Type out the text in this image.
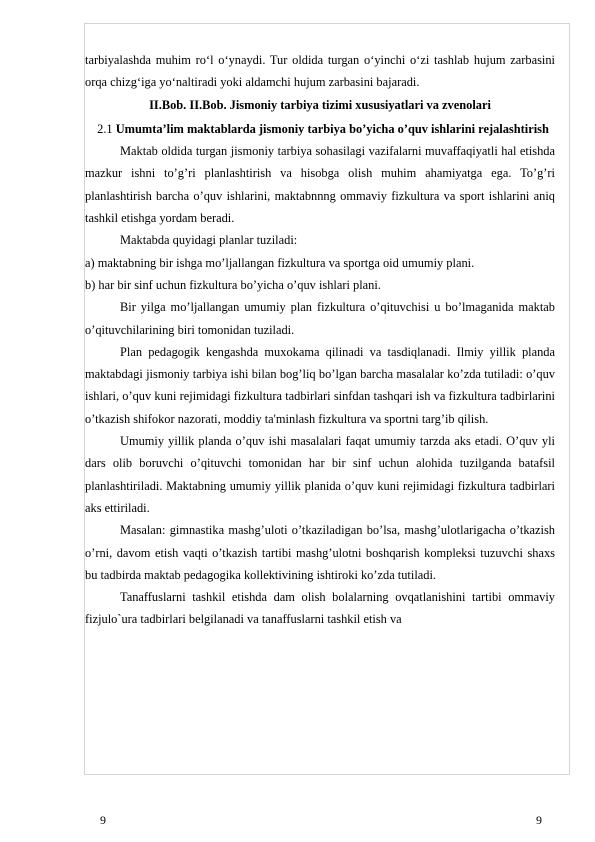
tarbiyalashda muhim ro‘l o‘ynaydi. Tur oldida turgan o‘yinchi o‘zi tashlab hujum zarbasini orqa chizg‘iga yo‘naltiradi yoki aldamchi hujum zarbasini bajaradi.

II.Bob. II.Bob. Jismoniy tarbiya tizimi xususiyatlari va zvenolari

2.1 Umumta’lim maktablarda jismoniy tarbiya bo’yicha o’quv ishlarini rejalashtirish

Maktab oldida turgan jismoniy tarbiya sohasilagi vazifalarni muvaffaqiyatli hal etishda mazkur ishni to’g’ri planlashtirish va hisobga olish muhim ahamiyatga ega. To’g’ri planlashtirish barcha o’quv ishlarini, maktabnnng ommaviy fizkultura va sport ishlarini aniq tashkil etishga yordam beradi.

Maktabda quyidagi planlar tuziladi:

a) maktabning bir ishga mo’ljallangan fizkultura va sportga oid umumiy plani.

b) har bir sinf uchun fizkultura bo’yicha o’quv ishlari plani.

Bir yilga mo’ljallangan umumiy plan fizkultura o’qituvchisi u bo’lmaganida maktab o’qituvchilarining biri tomonidan tuziladi.

Plan pedagogik kengashda muxokama qilinadi va tasdiqlanadi. Ilmiy yillik planda maktabdagi jismoniy tarbiya ishi bilan bog’liq bo’lgan barcha masalalar ko’zda tutiladi: o’quv ishlari, o’quv kuni rejimidagi fizkultura tadbirlari sinfdan tashqari ish va fizkultura tadbirlarini o’tkazish shifokor nazorati, moddiy ta'minlash fizkultura va sportni targ’ib qilish.

Umumiy yillik planda o’quv ishi masalalari faqat umumiy tarzda aks etadi. O’quv yli dars olib boruvchi o’qituvchi tomonidan har bir sinf uchun alohida tuzilganda batafsil planlashtiriladi. Maktabning umumiy yillik planida o’quv kuni rejimidagi fizkultura tadbirlari aks ettiriladi.

Masalan: gimnastika mashg’uloti o’tkaziladigan bo’lsa, mashg’ulotlarigacha o’tkazish o’rni, davom etish vaqti o’tkazish tartibi mashg’ulotni boshqarish kompleksi tuzuvchi shaxs bu tadbirda maktab pedagogika kollektivining ishtiroki ko’zda tutiladi.

Tanaffuslarni tashkil etishda dam olish bolalarning ovqatlanishini tartibi ommaviy fizjulo`ura tadbirlari belgilanadi va tanaffuslarni tashkil etish va

9	9
